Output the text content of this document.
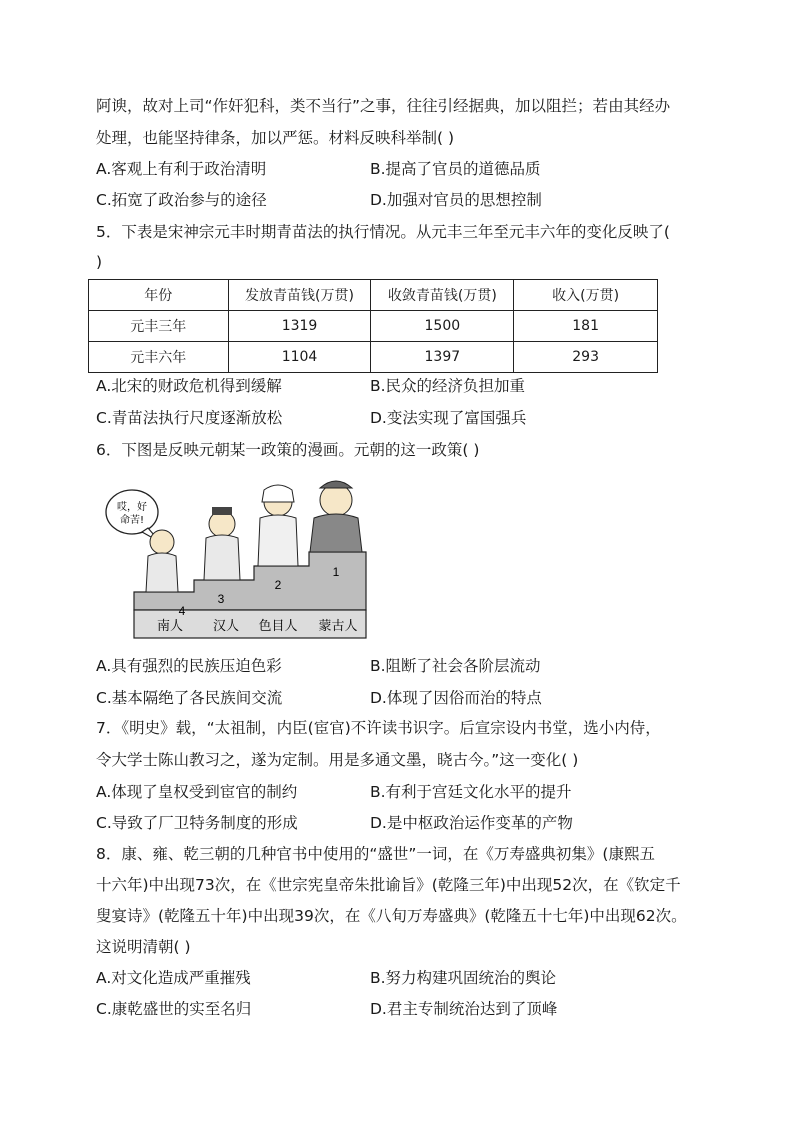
阿谀，故对上司“作奸犯科，类不当行”之事，往往引经据典，加以阻拦；若由其经办
处理，也能坚持律条，加以严惩。材料反映科举制( )
A.客观上有利于政治清明	B.提高了官员的道德品质
C.拓宽了政治参与的途径	D.加强对官员的思想控制
5．下表是宋神宗元丰时期青苗法的执行情况。从元丰三年至元丰六年的变化反映了(
)
年份	发放青苗钱(万贯)	收敛青苗钱(万贯)	收入(万贯)
元丰三年	1319	1500	181
元丰六年	1104	1397	293
A.北宋的财政危机得到缓解	B.民众的经济负担加重
C.青苗法执行尺度逐渐放松	D.变法实现了富国强兵
6．下图是反映元朝某一政策的漫画。元朝的这一政策( )
哎，好
命苦!
4
3
2
1
南人 汉人 色目人 蒙古人
A.具有强烈的民族压迫色彩	B.阻断了社会各阶层流动
C.基本隔绝了各民族间交流	D.体现了因俗而治的特点
7．《明史》载，“太祖制，内臣(宦官)不许读书识字。后宣宗设内书堂，选小内侍，
令大学士陈山教习之，遂为定制。用是多通文墨，晓古今。”这一变化( )
A.体现了皇权受到宦官的制约	B.有利于宫廷文化水平的提升
C.导致了厂卫特务制度的形成	D.是中枢政治运作变革的产物
8．康、雍、乾三朝的几种官书中使用的“盛世”一词，在《万寿盛典初集》(康熙五
十六年)中出现73次，在《世宗宪皇帝朱批谕旨》(乾隆三年)中出现52次，在《钦定千
叟宴诗》(乾隆五十年)中出现39次，在《八旬万寿盛典》(乾隆五十七年)中出现62次。
这说明清朝( )
A.对文化造成严重摧残	B.努力构建巩固统治的舆论
C.康乾盛世的实至名归	D.君主专制统治达到了顶峰
